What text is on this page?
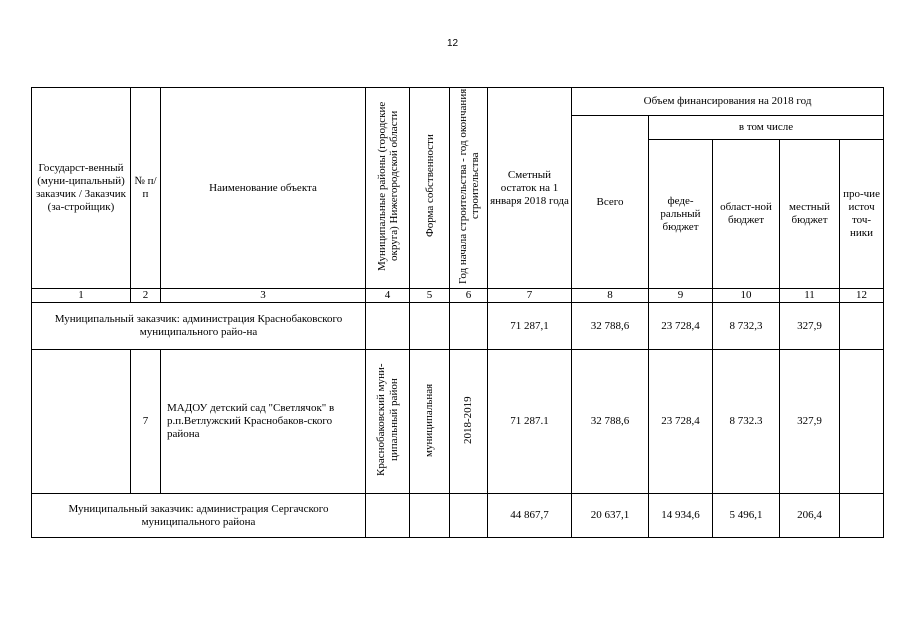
12
Государст-венный (муни-ципальный) заказчик / Заказчик (за-стройщик)	№ п/п	Наименование объекта	Муниципальные районы (городские округа) Нижегородской области	Форма собственности	Год начала строительства - год окончания строительства	Сметный остаток на 1 января 2018 года	Объем финансирования на 2018 год				
							Всего	в том числе			
								феде-ральный бюджет	област-ной бюджет	местный бюджет	про-чие источ точ-ники
1	2	3	4	5	6	7	8	9	10	11	12
Муниципальный заказчик: администрация Краснобаковского муниципального райо-на						71 287,1	32 788,6	23 728,4	8 732,3	327,9	
	7	МАДОУ детский сад "Светлячок" в р.п.Ветлужский Краснобаков-ского района	Краснобаковский муни-ципальный район	муниципальная	2018-2019	71 287.1	32 788,6	23 728,4	8 732.3	327,9	
Муниципальный заказчик: администрация Сергачского муниципального района						44 867,7	20 637,1	14 934,6	5 496,1	206,4	
